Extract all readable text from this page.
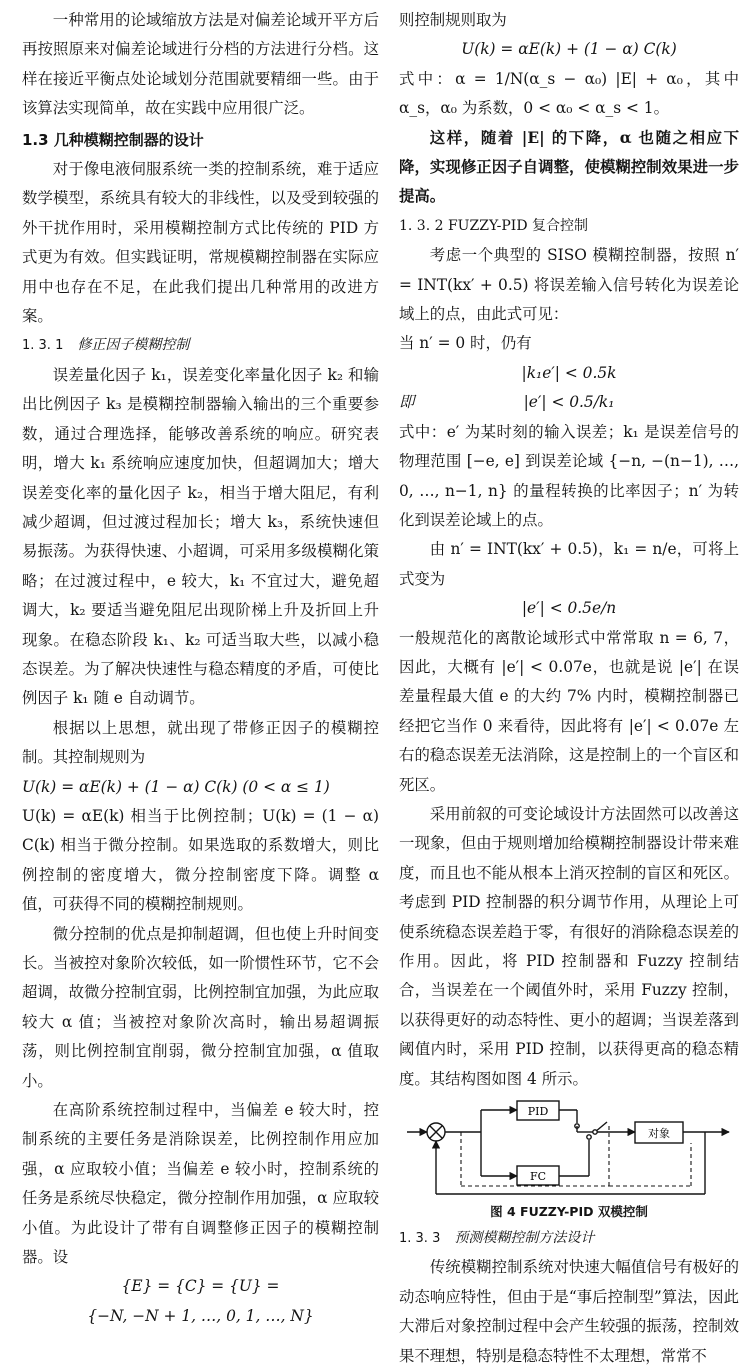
一种常用的论域缩放方法是对偏差论域开平方后再按照原来对偏差论域进行分档的方法进行分档。这样在接近平衡点处论域划分范围就要精细一些。由于该算法实现简单，故在实践中应用很广泛。

1.3 几种模糊控制器的设计

对于像电液伺服系统一类的控制系统，难于适应数学模型，系统具有较大的非线性，以及受到较强的外干扰作用时，采用模糊控制方式比传统的 PID 方式更为有效。但实践证明，常规模糊控制器在实际应用中也存在不足，在此我们提出几种常用的改进方案。

1. 3. 1 修正因子模糊控制

误差量化因子 k₁，误差变化率量化因子 k₂ 和输出比例因子 k₃ 是模糊控制器输入输出的三个重要参数，通过合理选择，能够改善系统的响应。研究表明，增大 k₁ 系统响应速度加快，但超调加大；增大误差变化率的量化因子 k₂，相当于增大阻尼，有利减少超调，但过渡过程加长；增大 k₃，系统快速但易振荡。为获得快速、小超调，可采用多级模糊化策略；在过渡过程中，e 较大，k₁ 不宜过大，避免超调大，k₂ 要适当避免阻尼出现阶梯上升及折回上升现象。在稳态阶段 k₁、k₂ 可适当取大些，以减小稳态误差。为了解决快速性与稳态精度的矛盾，可使比例因子 k₁ 随 e 自动调节。

根据以上思想，就出现了带修正因子的模糊控制。其控制规则为

U(k) = αE(k) + (1 − α) C(k) (0 < α ≤ 1)

U(k) = αE(k) 相当于比例控制；U(k) = (1 − α) C(k) 相当于微分控制。如果选取的系数增大，则比例控制的密度增大，微分控制密度下降。调整 α 值，可获得不同的模糊控制规则。

微分控制的优点是抑制超调，但也使上升时间变长。当被控对象阶次较低，如一阶惯性环节，它不会超调，故微分控制宜弱，比例控制宜加强，为此应取较大 α 值；当被控对象阶次高时，输出易超调振荡，则比例控制宜削弱，微分控制宜加强，α 值取小。

在高阶系统控制过程中，当偏差 e 较大时，控制系统的主要任务是消除误差，比例控制作用应加强，α 应取较小值；当偏差 e 较小时，控制系统的任务是系统尽快稳定，微分控制作用加强，α 应取较小值。为此设计了带有自调整修正因子的模糊控制器。设

{E} = {C} = {U} =

{−N, −N + 1, …, 0, 1, …, N}

则控制规则取为

U(k) = αE(k) + (1 − α) C(k)

式中：α = 1/N(α_s − α₀) |E| + α₀，其中 α_s，α₀ 为系数，0 < α₀ < α_s < 1。

这样，随着 |E| 的下降，α 也随之相应下降，实现修正因子自调整，使模糊控制效果进一步提高。

1. 3. 2 FUZZY-PID 复合控制

考虑一个典型的 SISO 模糊控制器，按照 n′ = INT(kx′ + 0.5) 将误差输入信号转化为误差论域上的点，由此式可见：

当 n′ = 0 时，仍有

|k₁e′| < 0.5k

即	|e′| < 0.5/k₁

式中：e′ 为某时刻的输入误差；k₁ 是误差信号的物理范围 [−e, e] 到误差论域 {−n, −(n−1), …, 0, …, n−1, n} 的量程转换的比率因子；n′ 为转化到误差论域上的点。

由 n′ = INT(kx′ + 0.5)，k₁ = n/e，可将上式变为

|e′| < 0.5e/n

一般规范化的离散论域形式中常常取 n = 6, 7，因此，大概有 |e′| < 0.07e，也就是说 |e′| 在误差量程最大值 e 的大约 7% 内时，模糊控制器已经把它当作 0 来看待，因此将有 |e′| < 0.07e 左右的稳态误差无法消除，这是控制上的一个盲区和死区。

采用前叙的可变论域设计方法固然可以改善这一现象，但由于规则增加给模糊控制器设计带来难度，而且也不能从根本上消灭控制的盲区和死区。考虑到 PID 控制器的积分调节作用，从理论上可使系统稳态误差趋于零，有很好的消除稳态误差的作用。因此，将 PID 控制器和 Fuzzy 控制结合，当误差在一个阈值外时，采用 Fuzzy 控制，以获得更好的动态特性、更小的超调；当误差落到阈值内时，采用 PID 控制，以获得更高的稳态精度。其结构图如图 4 所示。

PID
FC
对象

图 4 FUZZY-PID 双模控制

1. 3. 3 预测模糊控制方法设计

传统模糊控制系统对快速大幅值信号有极好的动态响应特性，但由于是“事后控制型”算法，因此大滞后对象控制过程中会产生较强的振荡，控制效果不理想，特别是稳态特性不太理想，常常不
